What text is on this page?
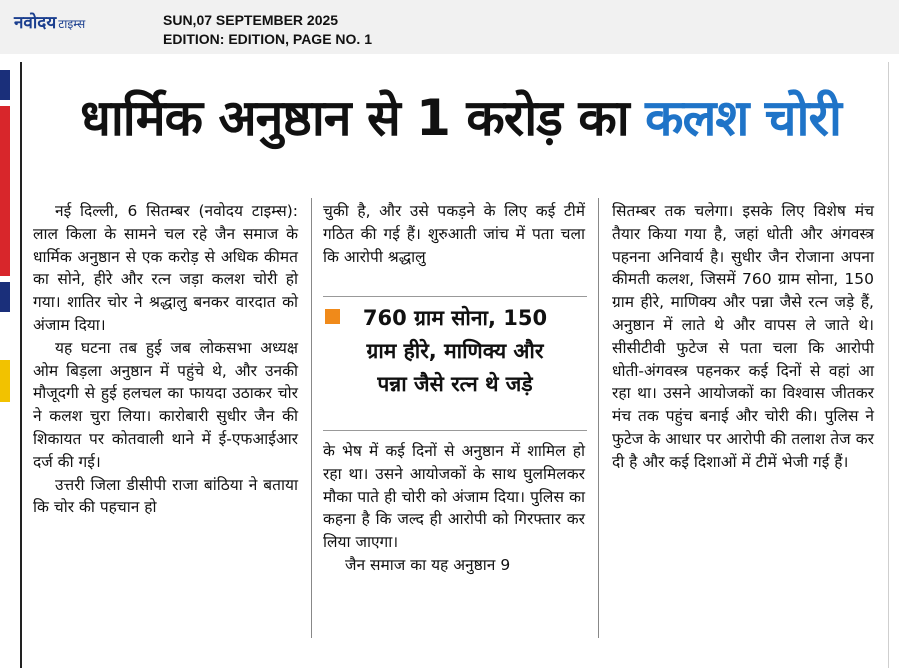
नवोदय टाइम्स	SUN,07 SEPTEMBER 2025
EDITION: EDITION, PAGE NO. 1
धार्मिक अनुष्ठान से 1 करोड़ का कलश चोरी

नई दिल्ली, 6 सितम्बर (नवोदय टाइम्स): लाल किला के सामने चल रहे जैन समाज के धार्मिक अनुष्ठान से एक करोड़ से अधिक कीमत का सोने, हीरे और रत्न जड़ा कलश चोरी हो गया। शातिर चोर ने श्रद्धालु बनकर वारदात को अंजाम दिया।

यह घटना तब हुई जब लोकसभा अध्यक्ष ओम बिड़ला अनुष्ठान में पहुंचे थे, और उनकी मौजूदगी से हुई हलचल का फायदा उठाकर चोर ने कलश चुरा लिया। कारोबारी सुधीर जैन की शिकायत पर कोतवाली थाने में ई-एफआईआर दर्ज की गई।

उत्तरी जिला डीसीपी राजा बांठिया ने बताया कि चोर की पहचान हो

चुकी है, और उसे पकड़ने के लिए कई टीमें गठित की गई हैं। शुरुआती जांच में पता चला कि आरोपी श्रद्धालु

760 ग्राम सोना, 150
ग्राम हीरे, माणिक्य और
पन्ना जैसे रत्न थे जड़े

के भेष में कई दिनों से अनुष्ठान में शामिल हो रहा था। उसने आयोजकों के साथ घुलमिलकर मौका पाते ही चोरी को अंजाम दिया। पुलिस का कहना है कि जल्द ही आरोपी को गिरफ्तार कर लिया जाएगा।

जैन समाज का यह अनुष्ठान 9

सितम्बर तक चलेगा। इसके लिए विशेष मंच तैयार किया गया है, जहां धोती और अंगवस्त्र पहनना अनिवार्य है। सुधीर जैन रोजाना अपना कीमती कलश, जिसमें 760 ग्राम सोना, 150 ग्राम हीरे, माणिक्य और पन्ना जैसे रत्न जड़े हैं, अनुष्ठान में लाते थे और वापस ले जाते थे। सीसीटीवी फुटेज से पता चला कि आरोपी धोती-अंगवस्त्र पहनकर कई दिनों से वहां आ रहा था। उसने आयोजकों का विश्वास जीतकर मंच तक पहुंच बनाई और चोरी की। पुलिस ने फुटेज के आधार पर आरोपी की तलाश तेज कर दी है और कई दिशाओं में टीमें भेजी गई हैं।
